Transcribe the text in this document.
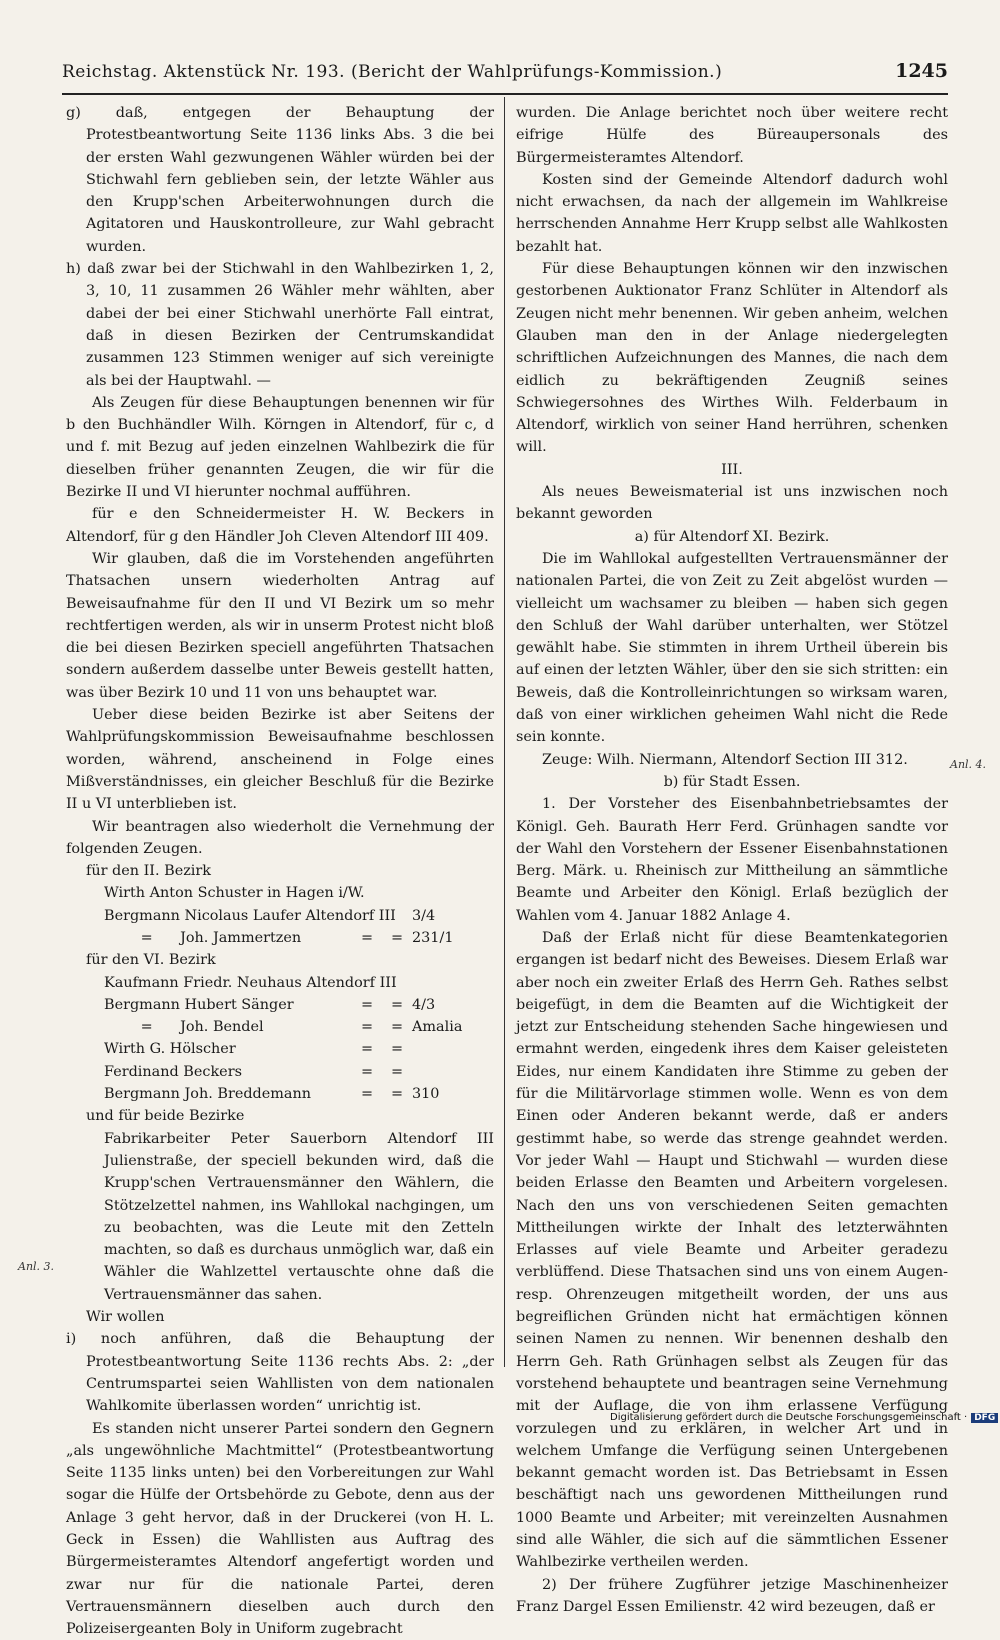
Reichstag. Aktenstück Nr. 193. (Bericht der Wahlprüfungs-Kommission.)	1245

g) daß, entgegen der Behauptung der Protestbeantwortung Seite 1136 links Abs. 3 die bei der ersten Wahl gezwungenen Wähler würden bei der Stichwahl fern geblieben sein, der letzte Wähler aus den Krupp'schen Arbeiterwohnungen durch die Agitatoren und Hauskontrolleure, zur Wahl gebracht wurden.

h) daß zwar bei der Stichwahl in den Wahlbezirken 1, 2, 3, 10, 11 zusammen 26 Wähler mehr wählten, aber dabei der bei einer Stichwahl unerhörte Fall eintrat, daß in diesen Bezirken der Centrumskandidat zusammen 123 Stimmen weniger auf sich vereinigte als bei der Hauptwahl. —

Als Zeugen für diese Behauptungen benennen wir für b den Buchhändler Wilh. Körngen in Altendorf, für c, d und f. mit Bezug auf jeden einzelnen Wahlbezirk die für dieselben früher genannten Zeugen, die wir für die Bezirke II und VI hierunter nochmal aufführen.

für e den Schneidermeister H. W. Beckers in Altendorf, für g den Händler Joh Cleven Altendorf III 409.

Wir glauben, daß die im Vorstehenden angeführten Thatsachen unsern wiederholten Antrag auf Beweisaufnahme für den II und VI Bezirk um so mehr rechtfertigen werden, als wir in unserm Protest nicht bloß die bei diesen Bezirken speciell angeführten Thatsachen sondern außerdem dasselbe unter Beweis gestellt hatten, was über Bezirk 10 und 11 von uns behauptet war.

Ueber diese beiden Bezirke ist aber Seitens der Wahlprüfungskommission Beweisaufnahme beschlossen worden, während, anscheinend in Folge eines Mißverständnisses, ein gleicher Beschluß für die Bezirke II u VI unterblieben ist.

Wir beantragen also wiederholt die Vernehmung der folgenden Zeugen.

für den II. Bezirk

Wirth Anton Schuster in Hagen i/W.
Bergmann Nicolaus Laufer Altendorf III 3/4
=      Joh. Jammertzen	=	= 231/1
für den VI. Bezirk
Kaufmann Friedr. Neuhaus Altendorf III
Bergmann Hubert Sänger	=	= 4/3
=      Joh. Bendel	=	= Amalia
Wirth G. Hölscher	=	=
Ferdinand Beckers	=	=
Bergmann Joh. Breddemann	=	= 310
und für beide Bezirke

Fabrikarbeiter Peter Sauerborn Altendorf III Julienstraße, der speciell bekunden wird, daß die Krupp'schen Vertrauensmänner den Wählern, die Stötzelzettel nahmen, ins Wahllokal nachgingen, um zu beobachten, was die Leute mit den Zetteln machten, so daß es durchaus unmöglich war, daß ein Wähler die Wahlzettel vertauschte ohne daß die Vertrauensmänner das sahen.

Wir wollen

i) noch anführen, daß die Behauptung der Protestbeantwortung Seite 1136 rechts Abs. 2: „der Centrumspartei seien Wahllisten von dem nationalen Wahlkomite überlassen worden“ unrichtig ist.

Es standen nicht unserer Partei sondern den Gegnern „als ungewöhnliche Machtmittel“ (Protestbeantwortung Seite 1135 links unten) bei den Vorbereitungen zur Wahl sogar die Hülfe der Ortsbehörde zu Gebote, denn aus der Anlage 3 geht hervor, daß in der Druckerei (von H. L. Geck in Essen) die Wahllisten aus Auftrag des Bürgermeisteramtes Altendorf angefertigt worden und zwar nur für die nationale Partei, deren Vertrauensmännern dieselben auch durch den Polizeisergeanten Boly in Uniform zugebracht

wurden. Die Anlage berichtet noch über weitere recht eifrige Hülfe des Büreaupersonals des Bürgermeisteramtes Altendorf.

Kosten sind der Gemeinde Altendorf dadurch wohl nicht erwachsen, da nach der allgemein im Wahlkreise herrschenden Annahme Herr Krupp selbst alle Wahlkosten bezahlt hat.

Für diese Behauptungen können wir den inzwischen gestorbenen Auktionator Franz Schlüter in Altendorf als Zeugen nicht mehr benennen. Wir geben anheim, welchen Glauben man den in der Anlage niedergelegten schriftlichen Aufzeichnungen des Mannes, die nach dem eidlich zu bekräftigenden Zeugniß seines Schwiegersohnes des Wirthes Wilh. Felderbaum in Altendorf, wirklich von seiner Hand herrühren, schenken will.

III.

Als neues Beweismaterial ist uns inzwischen noch bekannt geworden

a) für Altendorf XI. Bezirk.

Die im Wahllokal aufgestellten Vertrauensmänner der nationalen Partei, die von Zeit zu Zeit abgelöst wurden — vielleicht um wachsamer zu bleiben — haben sich gegen den Schluß der Wahl darüber unterhalten, wer Stötzel gewählt habe. Sie stimmten in ihrem Urtheil überein bis auf einen der letzten Wähler, über den sie sich stritten: ein Beweis, daß die Kontrolleinrichtungen so wirksam waren, daß von einer wirklichen geheimen Wahl nicht die Rede sein konnte.

Zeuge: Wilh. Niermann, Altendorf Section III 312.

b) für Stadt Essen.

1. Der Vorsteher des Eisenbahnbetriebsamtes der Königl. Geh. Baurath Herr Ferd. Grünhagen sandte vor der Wahl den Vorstehern der Essener Eisenbahnstationen Berg. Märk. u. Rheinisch zur Mittheilung an sämmtliche Beamte und Arbeiter den Königl. Erlaß bezüglich der Wahlen vom 4. Januar 1882 Anlage 4.

Daß der Erlaß nicht für diese Beamtenkategorien ergangen ist bedarf nicht des Beweises. Diesem Erlaß war aber noch ein zweiter Erlaß des Herrn Geh. Rathes selbst beigefügt, in dem die Beamten auf die Wichtigkeit der jetzt zur Entscheidung stehenden Sache hingewiesen und ermahnt werden, eingedenk ihres dem Kaiser geleisteten Eides, nur einem Kandidaten ihre Stimme zu geben der für die Militärvorlage stimmen wolle. Wenn es von dem Einen oder Anderen bekannt werde, daß er anders gestimmt habe, so werde das strenge geahndet werden. Vor jeder Wahl — Haupt und Stichwahl — wurden diese beiden Erlasse den Beamten und Arbeitern vorgelesen. Nach den uns von verschiedenen Seiten gemachten Mittheilungen wirkte der Inhalt des letzterwähnten Erlasses auf viele Beamte und Arbeiter geradezu verblüffend. Diese Thatsachen sind uns von einem Augen- resp. Ohrenzeugen mitgetheilt worden, der uns aus begreiflichen Gründen nicht hat ermächtigen können seinen Namen zu nennen. Wir benennen deshalb den Herrn Geh. Rath Grünhagen selbst als Zeugen für das vorstehend behauptete und beantragen seine Vernehmung mit der Auflage, die von ihm erlassene Verfügung vorzulegen und zu erklären, in welcher Art und in welchem Umfange die Verfügung seinen Untergebenen bekannt gemacht worden ist. Das Betriebsamt in Essen beschäftigt nach uns gewordenen Mittheilungen rund 1000 Beamte und Arbeiter; mit vereinzelten Ausnahmen sind alle Wähler, die sich auf die sämmtlichen Essener Wahlbezirke vertheilen werden.

2) Der frühere Zugführer jetzige Maschinenheizer Franz Dargel Essen Emilienstr. 42 wird bezeugen, daß er

Anl. 4.
Anl. 3.
Digitalisierung gefördert durch die Deutsche Forschungsgemeinschaft · DFG
